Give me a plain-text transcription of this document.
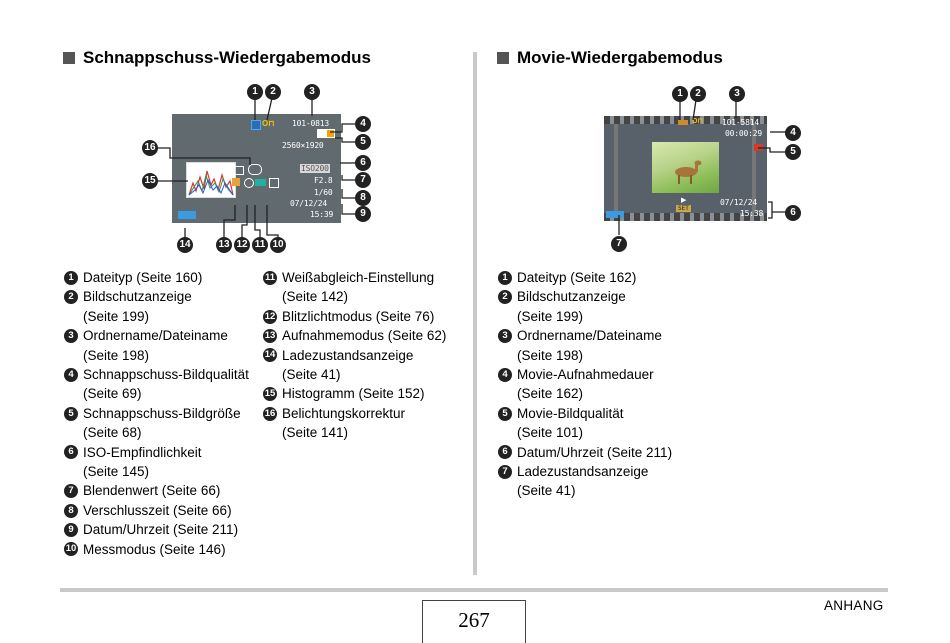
Schnappschuss-Wiedergabemodus	Movie-Wiedergabemodus
O⊓ 101-0813
2560×1920
ISO200
F2.8
1/60
07/12/24
15:39
1	2	3
4
5
6
7
8
9
10
11
12
13
14
15
16
1 Dateityp (Seite 160)
2 Bildschutzanzeige
(Seite 199)
3 Ordnername/Dateiname
(Seite 198)
4 Schnappschuss-Bildqualität
(Seite 69)
5 Schnappschuss-Bildgröße
(Seite 68)
6 ISO-Empfindlichkeit
(Seite 145)
7 Blendenwert (Seite 66)
8 Verschlusszeit (Seite 66)
9 Datum/Uhrzeit (Seite 211)
10 Messmodus (Seite 146)
11 Weißabgleich-Einstellung
(Seite 142)
12 Blitzlichtmodus (Seite 76)
13 Aufnahmemodus (Seite 62)
14 Ladezustandsanzeige
(Seite 41)
15 Histogramm (Seite 152)
16 Belichtungskorrektur
(Seite 141)
O⊓ 101-5814
00:00:29
▶
SET
07/12/24
15:38
1	2	3
4
5
6
7
1 Dateityp (Seite 162)
2 Bildschutzanzeige
(Seite 199)
3 Ordnername/Dateiname
(Seite 198)
4 Movie-Aufnahmedauer
(Seite 162)
5 Movie-Bildqualität
(Seite 101)
6 Datum/Uhrzeit (Seite 211)
7 Ladezustandsanzeige
(Seite 41)
267
ANHANG
